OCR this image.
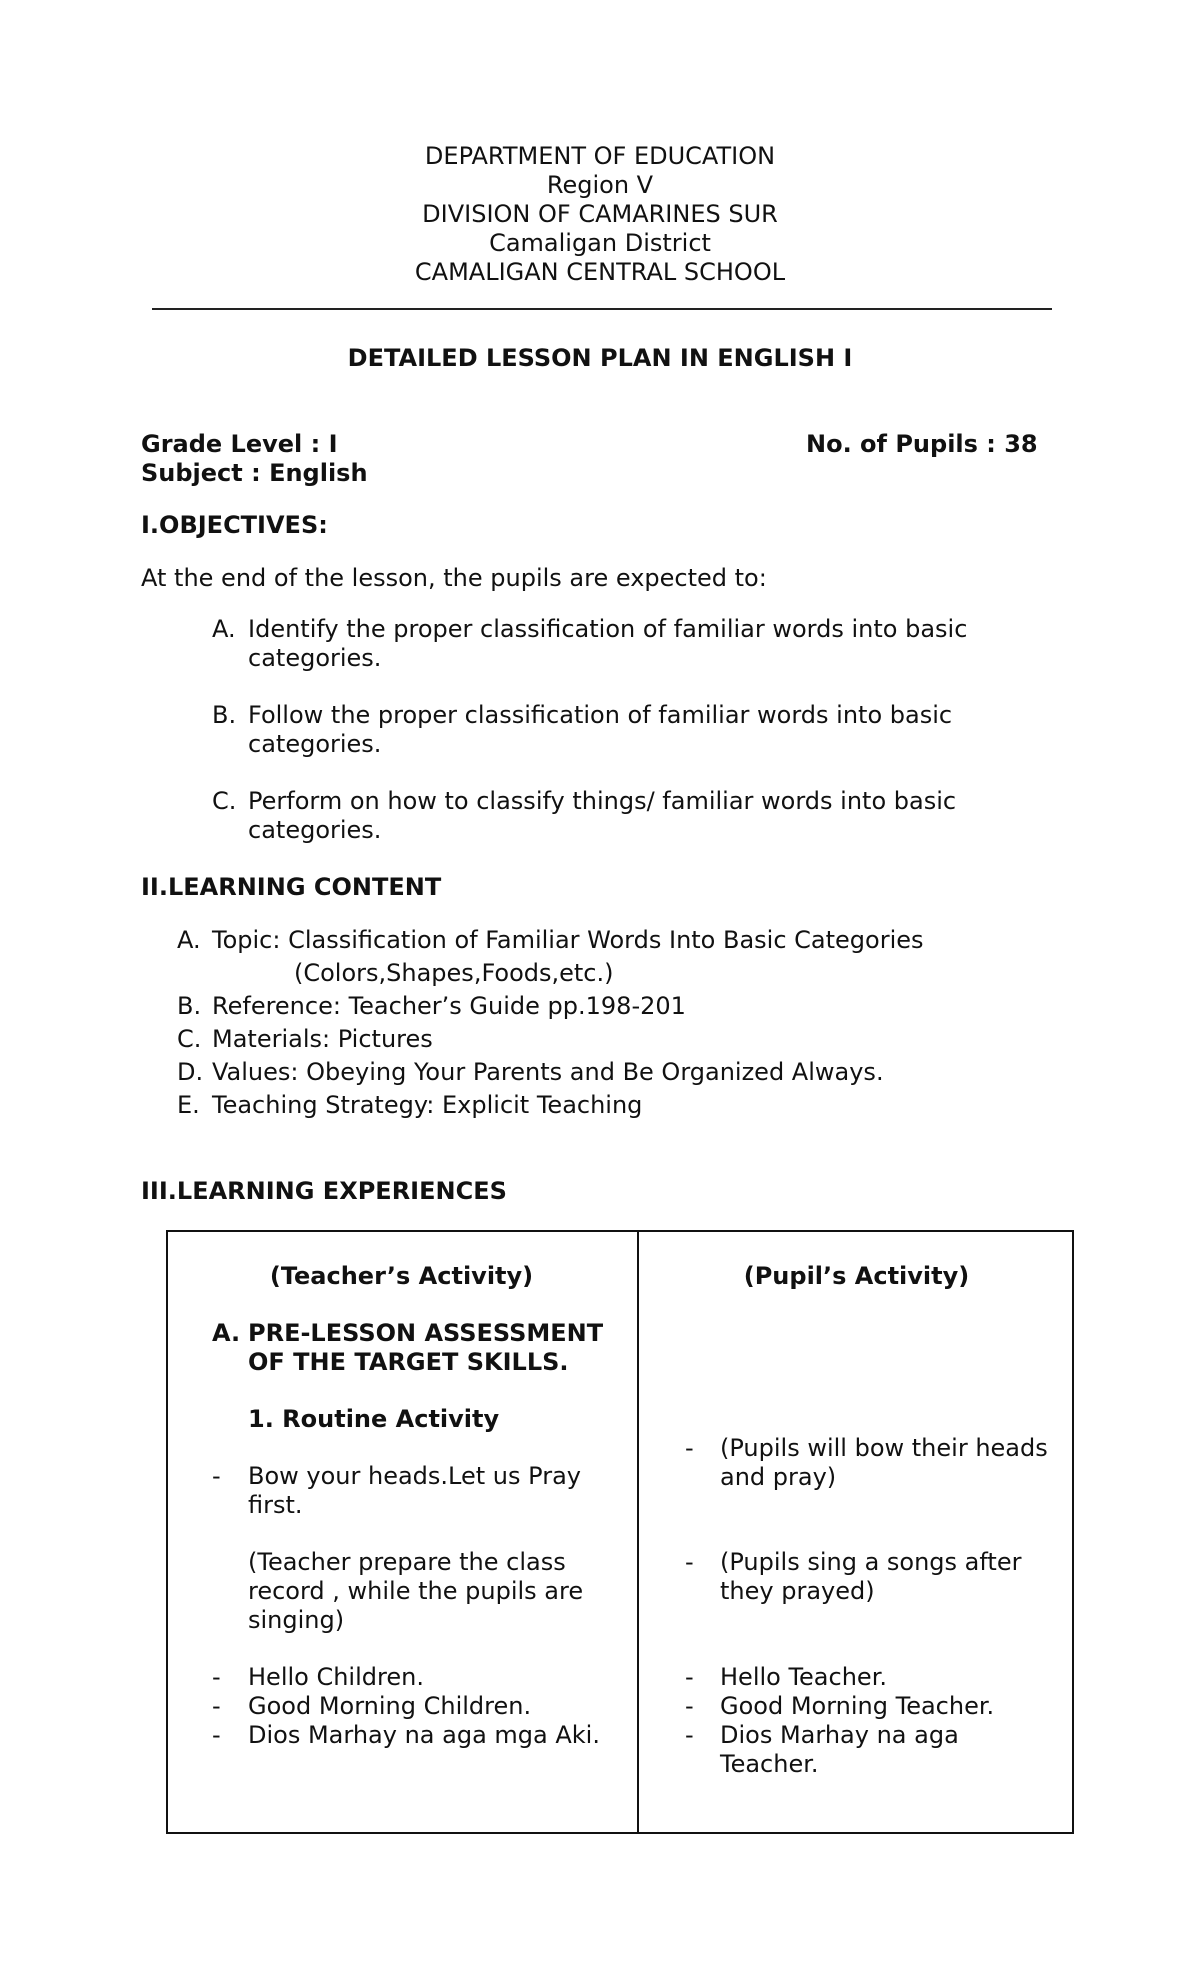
DEPARTMENT OF EDUCATION
Region V
DIVISION OF CAMARINES SUR
Camaligan District
CAMALIGAN CENTRAL SCHOOL
DETAILED LESSON PLAN IN ENGLISH I
Grade Level : I	No. of Pupils : 38
Subject : English
I.OBJECTIVES:
At the end of the lesson, the pupils are expected to:
A. Identify the proper classification of familiar words into basic
categories.
B. Follow the proper classification of familiar words into basic
categories.
C. Perform on how to classify things/ familiar words into basic
categories.
II.LEARNING CONTENT
A. Topic: Classification of Familiar Words Into Basic Categories
(Colors,Shapes,Foods,etc.)
B. Reference: Teacher’s Guide pp.198-201
C. Materials: Pictures
D. Values: Obeying Your Parents and Be Organized Always.
E. Teaching Strategy: Explicit Teaching
III.LEARNING EXPERIENCES
(Teacher’s Activity)
A. PRE-LESSON ASSESSMENT
OF THE TARGET SKILLS.
1. Routine Activity
- Bow your heads.Let us Pray
first.
(Teacher prepare the class
record , while the pupils are
singing)
- Hello Children.
- Good Morning Children.
- Dios Marhay na aga mga Aki.
(Pupil’s Activity)
- (Pupils will bow their heads
and pray)
- (Pupils sing a songs after
they prayed)
- Hello Teacher.
- Good Morning Teacher.
- Dios Marhay na aga
Teacher.
